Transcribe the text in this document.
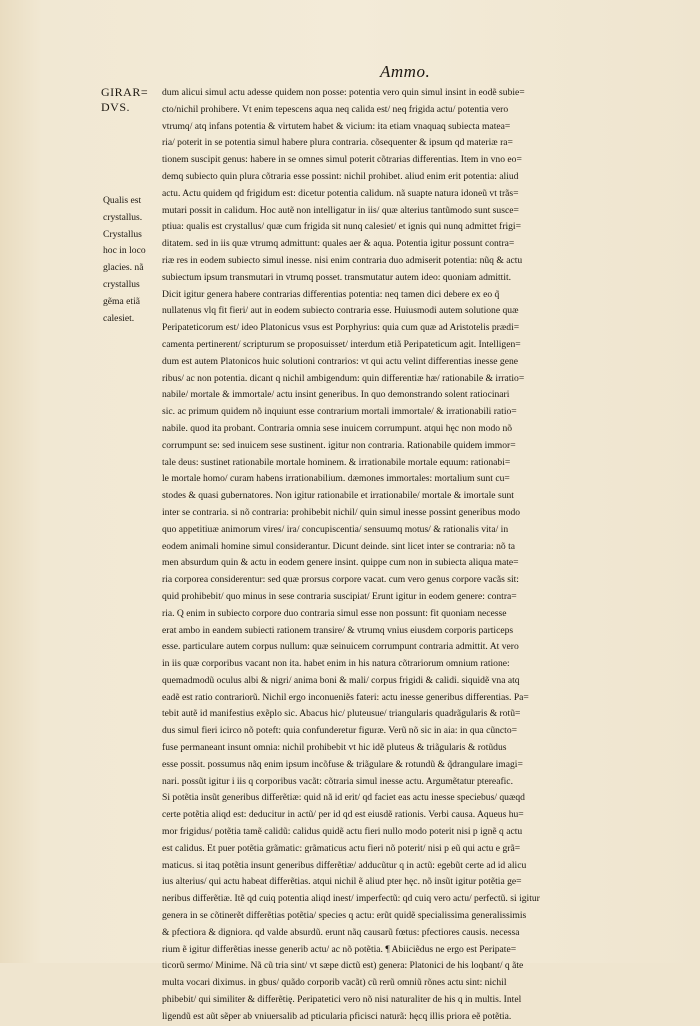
Ammo.
GIRAR=
DVS.
Qualis est
crystallus.
Crystallus
hoc in loco
glacies. nã
crystallus
gẽma etiã
calesiet.
dum alicui simul actu adesse quidem non posse: potentia vero quin simul insint in eodẽ subie=
cto/nichil prohibere. Vt enim tepescens aqua neq calida est/ neq frigida actu/ potentia vero
vtrumq/ atq infans potentia & virtutem habet & vicium: ita etiam vnaquaq subiecta matea=
ria/ poterit in se potentia simul habere plura contraria. cõsequenter & ipsum qd materiæ ra=
tionem suscipit genus: habere in se omnes simul poterit cõtrarias differentias. Item in vno eo=
demq subiecto quin plura cõtraria esse possint: nichil prohibet. aliud enim erit potentia: aliud
actu. Actu quidem qd frigidum est: dicetur potentia calidum. nã suapte natura idoneũ vt trãs=
mutari possit in calidum. Hoc autẽ non intelligatur in iis/ quæ alterius tantũmodo sunt susce=
ptiua: qualis est crystallus/ quæ cum frigida sit nunq calesiet/ et ignis qui nunq admittet frigi=
ditatem. sed in iis quæ vtrumq admittunt: quales aer & aqua. Potentia igitur possunt contra=
riæ res in eodem subiecto simul inesse. nisi enim contraria duo admiserit potentia: nũq & actu
subiectum ipsum transmutari in vtrumq posset. transmutatur autem ideo: quoniam admittit.
Dicit igitur genera habere contrarias differentias potentia: neq tamen dici debere ex eo q̃
nullatenus vlq fit fieri/ aut in eodem subiecto contraria esse. Huiusmodi autem solutione quæ
Peripateticorum est/ ideo Platonicus vsus est Porphyrius: quia cum quæ ad Aristotelis prædi=
camenta pertinerent/ scripturum se proposuisset/ interdum etiã Peripateticum agit. Intelligen=
dum est autem Platonicos huic solutioni contrarios: vt qui actu velint differentias inesse gene
ribus/ ac non potentia. dicant q nichil ambigendum: quin differentiæ hæ/ rationabile & irratio=
nabile/ mortale & immortale/ actu insint generibus. In quo demonstrando solent ratiocinari
sic. ac primum quidem nõ inquiunt esse contrarium mortali immortale/ & irrationabili ratio=
nabile. quod ita probant. Contraria omnia sese inuicem corrumpunt. atqui hęc non modo nõ
corrumpunt se: sed inuicem sese sustinent. igitur non contraria. Rationabile quidem immor=
tale deus: sustinet rationabile mortale hominem. & irrationabile mortale equum: rationabi=
le mortale homo/ curam habens irrationabilium. dæmones immortales: mortalium sunt cu=
stodes & quasi gubernatores. Non igitur rationabile et irrationabile/ mortale & imortale sunt
inter se contraria. si nõ contraria: prohibebit nichil/ quin simul inesse possint generibus modo
quo appetitiuæ animorum vires/ ira/ concupiscentia/ sensuumq motus/ & rationalis vita/ in
eodem animali homine simul considerantur. Dicunt deinde. sint licet inter se contraria: nõ ta
men absurdum quin & actu in eodem genere insint. quippe cum non in subiecta aliqua mate=
ria corporea considerentur: sed quæ prorsus corpore vacat. cum vero genus corpore vacãs sit:
quid prohibebit/ quo minus in sese contraria suscipiat/ Erunt igitur in eodem genere: contra=
ria. Q enim in subiecto corpore duo contraria simul esse non possunt: fit quoniam necesse
erat ambo in eandem subiecti rationem transire/ & vtrumq vnius eiusdem corporis particeps
esse. particulare autem corpus nullum: quæ seinuicem corrumpunt contraria admittit. At vero
in iis quæ corporibus vacant non ita. habet enim in his natura cõtrariorum omnium ratione:
quemadmodũ oculus albi & nigri/ anima boni & mali/ corpus frigidi & calidi. siquidẽ vna atq
eadẽ est ratio contrariorũ. Nichil ergo inconueniẽs fateri: actu inesse generibus differentias. Pa=
tebit autẽ id manifestius exẽplo sic. Abacus hic/ pluteusue/ triangularis quadrãgularis & rotũ=
dus simul fieri icirco nõ poteft: quia confunderetur figuræ. Verũ nõ sic in aia: in qua cũncto=
fuse permaneant insunt omnia: nichil prohibebit vt hic idẽ pluteus & triãgularis & rotũdus
esse possit. possumus nãq enim ipsum incõfuse & triãgulare & rotundũ & q̃drangulare imagi=
nari. possũt igitur i iis q corporibus vacãt: cõtraria simul inesse actu. Argumẽtatur ptereafic.
Si potẽtia insũt generibus differẽtiæ: quid nã id erit/ qd faciet eas actu inesse speciebus/ quæqd
certe potẽtia aliqd est: deducitur in actũ/ per id qd est eiusdẽ rationis. Verbi causa. Aqueus hu=
mor frigidus/ potẽtia tamẽ calidũ: calidus quidẽ actu fieri nullo modo poterit nisi p ignẽ q actu
est calidus. Et puer potẽtia grãmatic: grãmaticus actu fieri nõ poterit/ nisi p eũ qui actu e grã=
maticus. si itaq potẽtia insunt generibus differẽtiæ/ adducũtur q in actũ: egebũt certe ad id alicu
ius alterius/ qui actu habeat differẽtias. atqui nichil ẽ aliud pter hęc. nõ insũt igitur potẽtia ge=
neribus differẽtiæ. Itẽ qd cuiq potentia aliqd inest/ imperfectũ: qd cuiq vero actu/ perfectũ. si igitur
genera in se cõtinerẽt differẽtias potẽtia/ species q actu: erũt quidẽ specialissima generalissimis
& pfectiora & digniora. qd valde absurdũ. erunt nãq causarũ fœtus: pfectiores causis. necessa
rium ẽ igitur differẽtias inesse generib actu/ ac nõ potẽtia. ¶ Abiiciẽdus ne ergo est Peripate=
ticorũ sermo/ Minime. Nã cũ tria sint/ vt sæpe dictũ est) genera: Platonici de his loqbant/ q ãte
multa vocari diximus. in gbus/ quãdo corporib vacãt) cũ rerũ omniũ rõnes actu sint: nichil
phibebit/ qui similiter & differẽtię. Peripatetici vero nõ nisi naturaliter de his q in multis. Intel
ligendũ est aũt sẽper ab vniuersalib ad pticularia pficisci naturã: hęcq illis priora eẽ potẽtia.
